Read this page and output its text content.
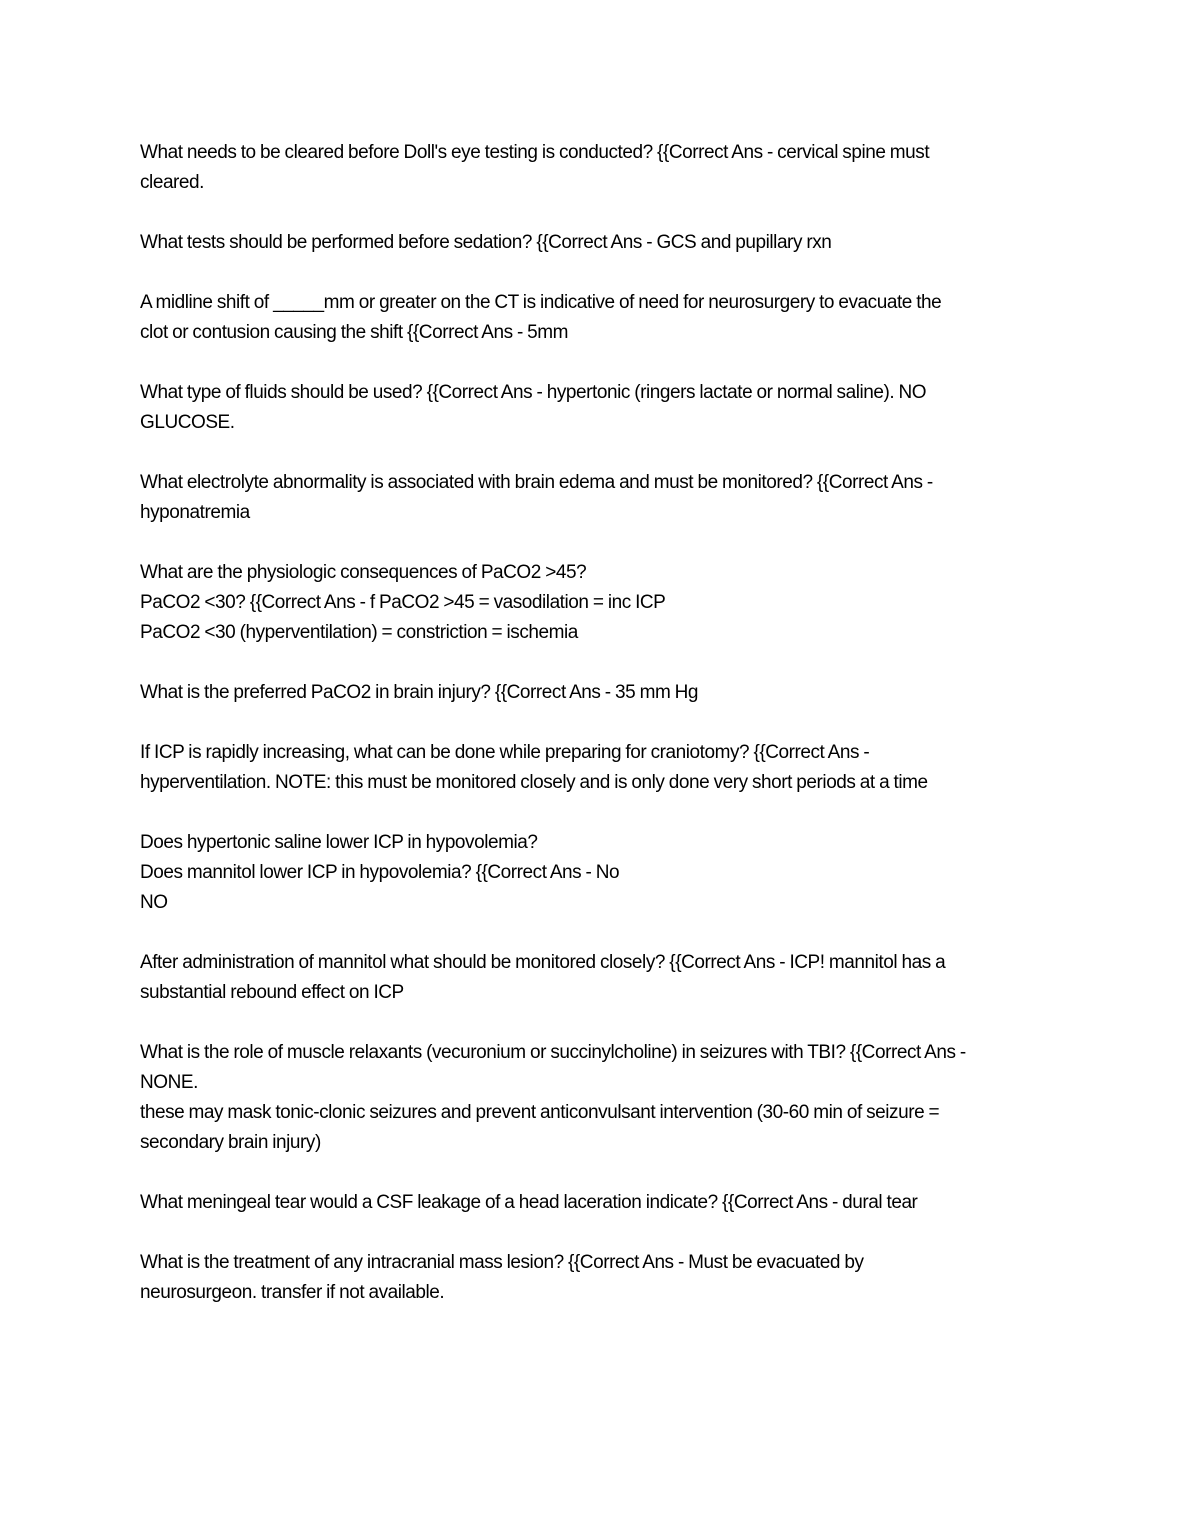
What needs to be cleared before Doll's eye testing is conducted? {{Correct Ans - cervical spine must
cleared.
What tests should be performed before sedation? {{Correct Ans - GCS and pupillary rxn
A midline shift of _____mm or greater on the CT is indicative of need for neurosurgery to evacuate the
clot or contusion causing the shift {{Correct Ans - 5mm
What type of fluids should be used? {{Correct Ans - hypertonic (ringers lactate or normal saline). NO
GLUCOSE.
What electrolyte abnormality is associated with brain edema and must be monitored? {{Correct Ans -
hyponatremia
What are the physiologic consequences of PaCO2 >45?
PaCO2 <30? {{Correct Ans - f PaCO2 >45 = vasodilation = inc ICP
PaCO2 <30 (hyperventilation) = constriction = ischemia
What is the preferred PaCO2 in brain injury? {{Correct Ans - 35 mm Hg
If ICP is rapidly increasing, what can be done while preparing for craniotomy? {{Correct Ans -
hyperventilation. NOTE: this must be monitored closely and is only done very short periods at a time
Does hypertonic saline lower ICP in hypovolemia?
Does mannitol lower ICP in hypovolemia? {{Correct Ans - No
NO
After administration of mannitol what should be monitored closely? {{Correct Ans - ICP! mannitol has a
substantial rebound effect on ICP
What is the role of muscle relaxants (vecuronium or succinylcholine) in seizures with TBI? {{Correct Ans -
NONE.
these may mask tonic-clonic seizures and prevent anticonvulsant intervention (30-60 min of seizure =
secondary brain injury)
What meningeal tear would a CSF leakage of a head laceration indicate? {{Correct Ans - dural tear
What is the treatment of any intracranial mass lesion? {{Correct Ans - Must be evacuated by
neurosurgeon. transfer if not available.
